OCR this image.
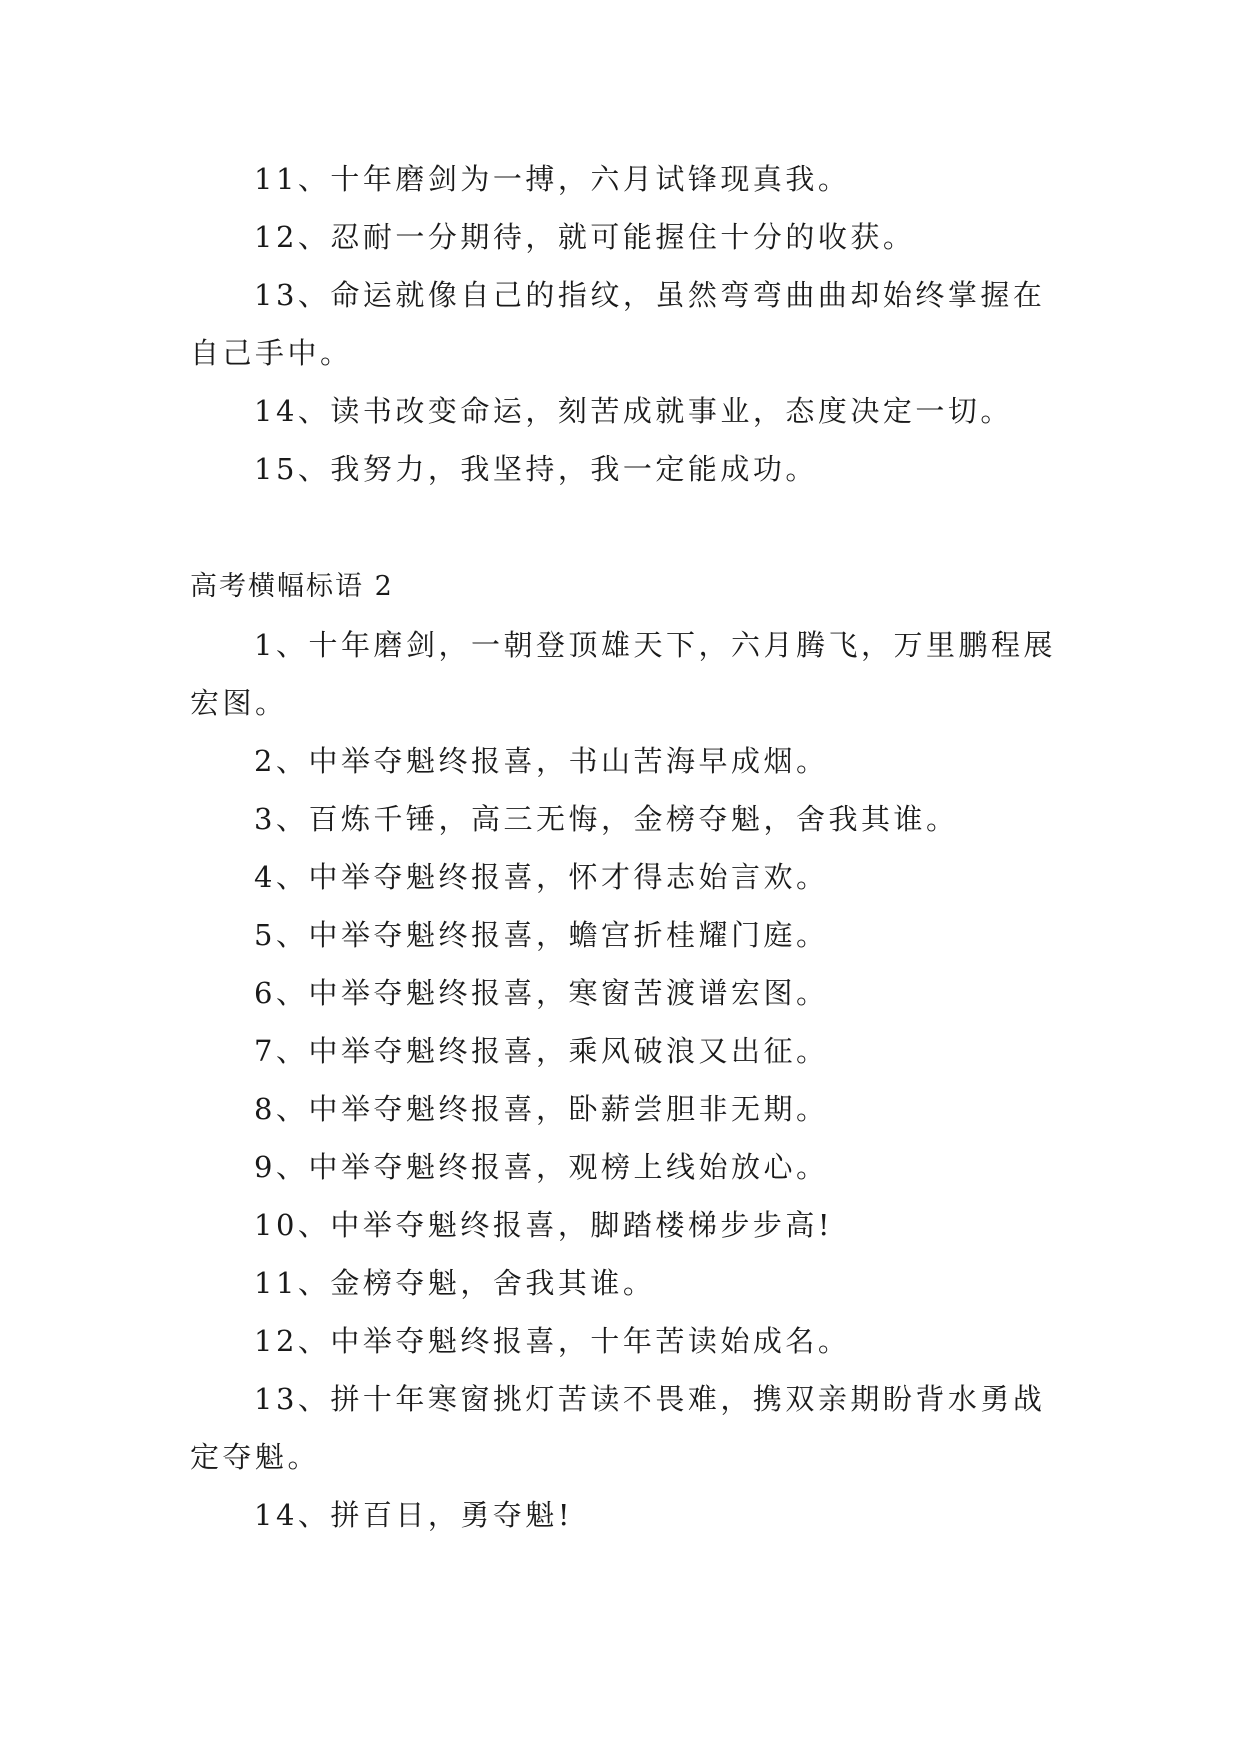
11、十年磨剑为一搏，六月试锋现真我。

12、忍耐一分期待，就可能握住十分的收获。

13、命运就像自己的指纹，虽然弯弯曲曲却始终掌握在自己手中。

14、读书改变命运，刻苦成就事业，态度决定一切。

15、我努力，我坚持，我一定能成功。

高考横幅标语 2

1、十年磨剑，一朝登顶雄天下，六月腾飞，万里鹏程展宏图。

2、中举夺魁终报喜，书山苦海早成烟。

3、百炼千锤，高三无悔，金榜夺魁，舍我其谁。

4、中举夺魁终报喜，怀才得志始言欢。

5、中举夺魁终报喜，蟾宫折桂耀门庭。

6、中举夺魁终报喜，寒窗苦渡谱宏图。

7、中举夺魁终报喜，乘风破浪又出征。

8、中举夺魁终报喜，卧薪尝胆非无期。

9、中举夺魁终报喜，观榜上线始放心。

10、中举夺魁终报喜，脚踏楼梯步步高!

11、金榜夺魁，舍我其谁。

12、中举夺魁终报喜，十年苦读始成名。

13、拼十年寒窗挑灯苦读不畏难，携双亲期盼背水勇战定夺魁。

14、拼百日，勇夺魁!
